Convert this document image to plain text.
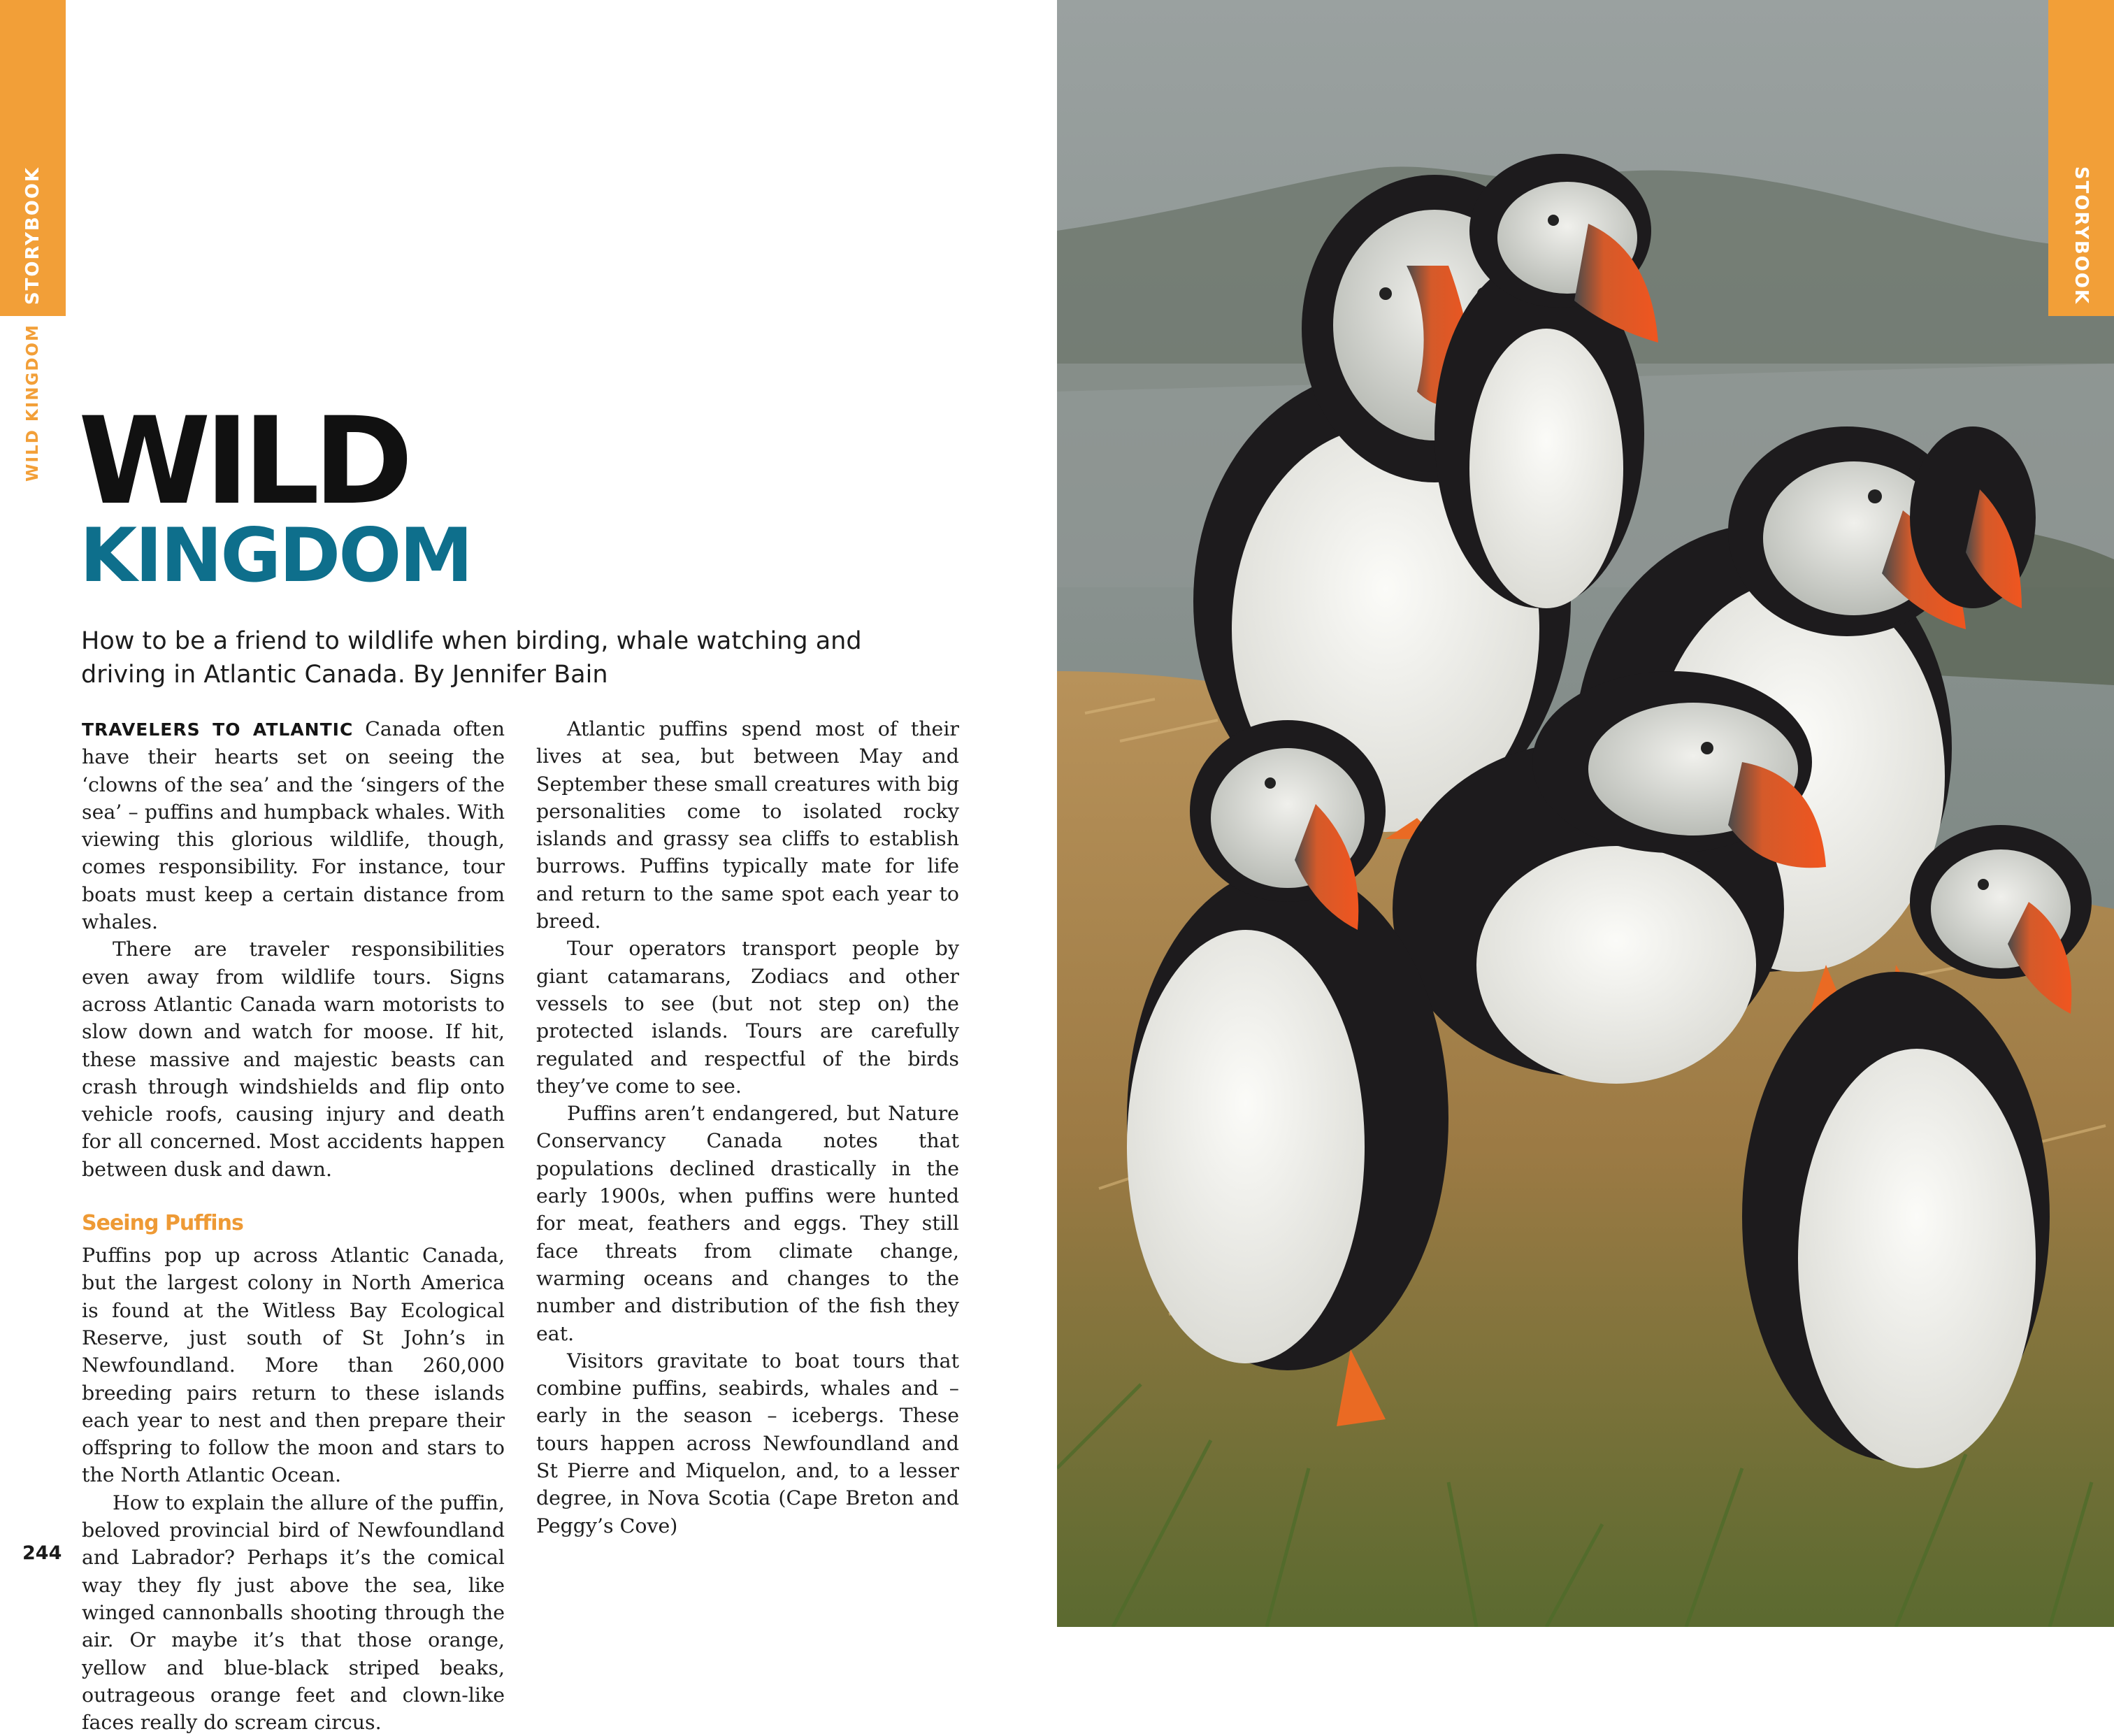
STORYBOOK
WILD KINGDOM WILD
KINGDOM

How to be a friend to wildlife when birding, whale watching and driving in Atlantic Canada. By Jennifer Bain

TRAVELERS TO ATLANTIC Canada often have their hearts set on seeing the ‘clowns of the sea’ and the ‘singers of the sea’ – puffins and humpback whales. With viewing this glorious wildlife, though, comes responsibility. For instance, tour boats must keep a certain distance from whales.

There are traveler responsibilities even away from wildlife tours. Signs across Atlantic Canada warn motorists to slow down and watch for moose. If hit, these massive and majestic beasts can crash through windshields and flip onto vehicle roofs, causing injury and death for all concerned. Most accidents happen between dusk and dawn.

Seeing Puffins

Puffins pop up across Atlantic Canada, but the largest colony in North America is found at the Witless Bay Ecological Reserve, just south of St John’s in Newfoundland. More than 260,000 breeding pairs return to these islands each year to nest and then prepare their offspring to follow the moon and stars to the North Atlantic Ocean.

How to explain the allure of the puffin, beloved provincial bird of Newfoundland and Labrador? Perhaps it’s the comical way they fly just above the sea, like winged cannonballs shooting through the air. Or maybe it’s that those orange, yellow and blue-black striped beaks, outrageous orange feet and clown-like faces really do scream circus.

Atlantic puffins spend most of their lives at sea, but between May and September these small creatures with big personalities come to isolated rocky islands and grassy sea cliffs to establish burrows. Puffins typically mate for life and return to the same spot each year to breed.

Tour operators transport people by giant catamarans, Zodiacs and other vessels to see (but not step on) the protected islands. Tours are carefully regulated and respectful of the birds they’ve come to see.

Puffins aren’t endangered, but Nature Conservancy Canada notes that populations declined drastically in the early 1900s, when puffins were hunted for meat, feathers and eggs. They still face threats from climate change, warming oceans and changes to the number and distribution of the fish they eat.

Visitors gravitate to boat tours that combine puffins, seabirds, whales and – early in the season – icebergs. These tours happen across Newfoundland and St Pierre and Miquelon, and, to a lesser degree, in Nova Scotia (Cape Breton and Peggy’s Cove)

244
STORYBOOK
